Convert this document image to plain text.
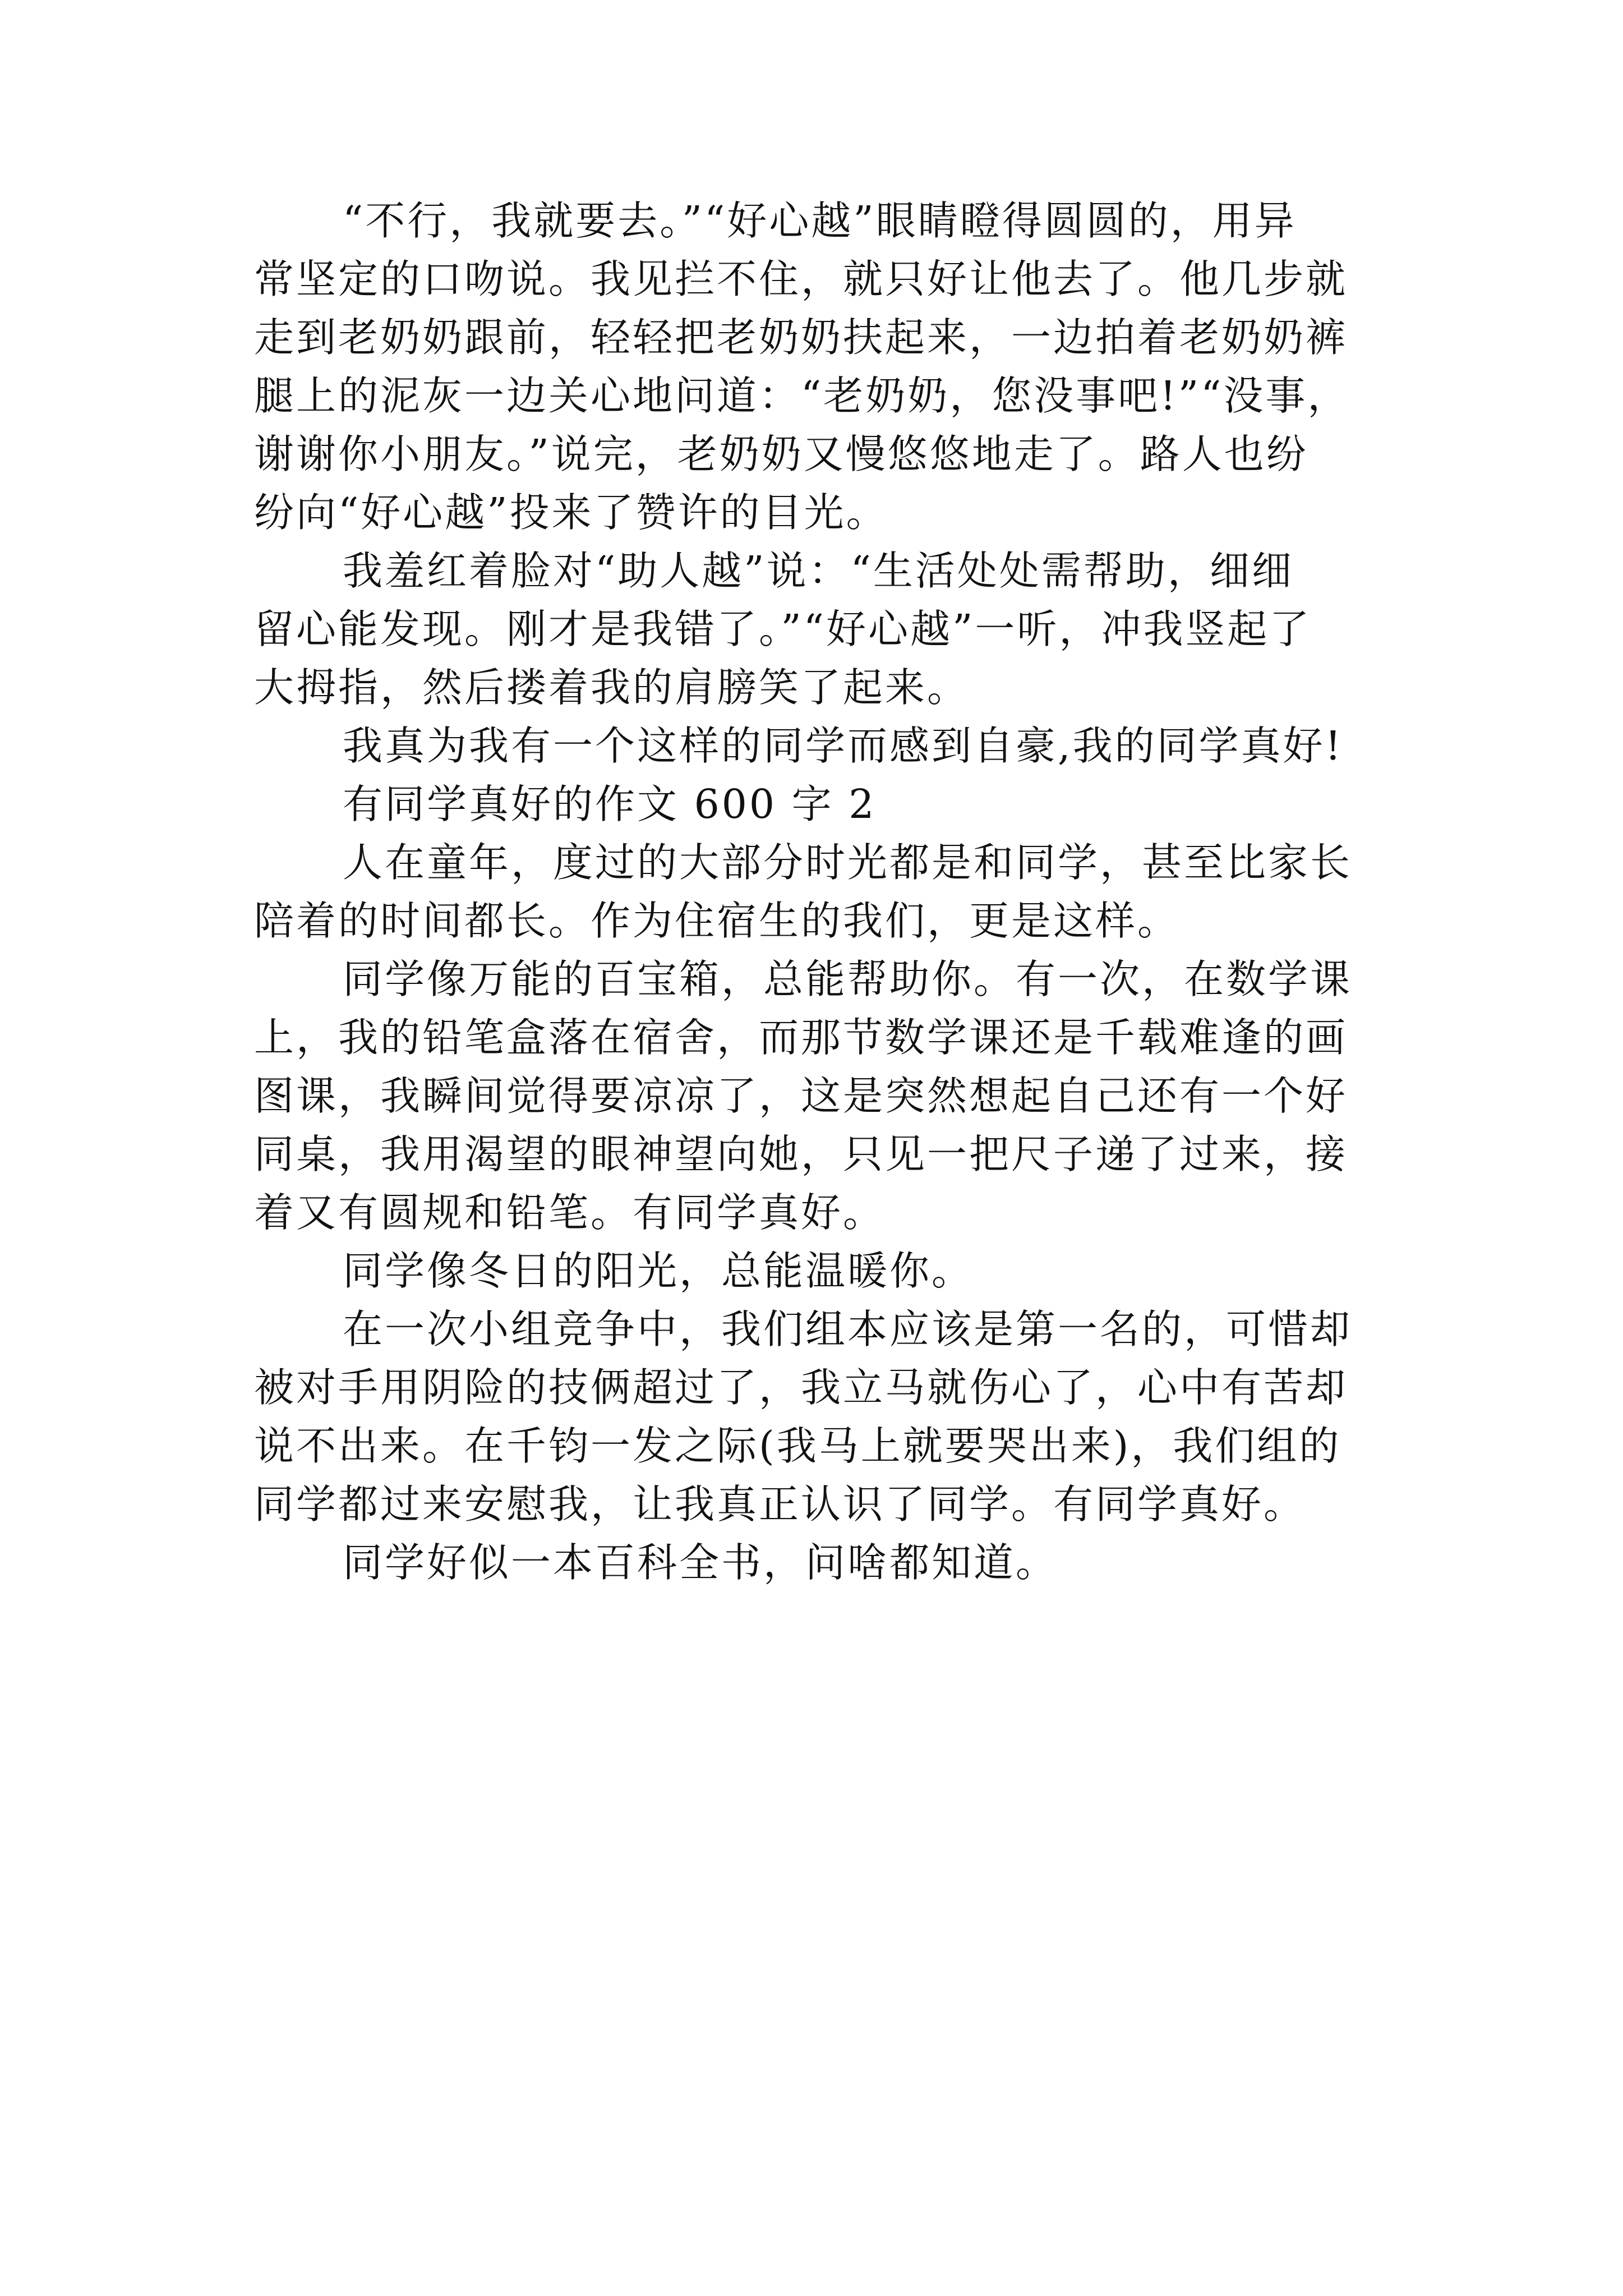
“不行，我就要去。”“好心越”眼睛瞪得圆圆的，用异
常坚定的口吻说。我见拦不住，就只好让他去了。他几步就
走到老奶奶跟前，轻轻把老奶奶扶起来，一边拍着老奶奶裤
腿上的泥灰一边关心地问道：“老奶奶，您没事吧!”“没事，
谢谢你小朋友。”说完，老奶奶又慢悠悠地走了。路人也纷
纷向“好心越”投来了赞许的目光。
我羞红着脸对“助人越”说：“生活处处需帮助，细细
留心能发现。刚才是我错了。”“好心越”一听，冲我竖起了
大拇指，然后搂着我的肩膀笑了起来。
我真为我有一个这样的同学而感到自豪,我的同学真好!
有同学真好的作文 600 字 2
人在童年，度过的大部分时光都是和同学，甚至比家长
陪着的时间都长。作为住宿生的我们，更是这样。
同学像万能的百宝箱，总能帮助你。有一次，在数学课
上，我的铅笔盒落在宿舍，而那节数学课还是千载难逢的画
图课，我瞬间觉得要凉凉了，这是突然想起自己还有一个好
同桌，我用渴望的眼神望向她，只见一把尺子递了过来，接
着又有圆规和铅笔。有同学真好。
同学像冬日的阳光，总能温暖你。
在一次小组竞争中，我们组本应该是第一名的，可惜却
被对手用阴险的技俩超过了，我立马就伤心了，心中有苦却
说不出来。在千钧一发之际(我马上就要哭出来)，我们组的
同学都过来安慰我，让我真正认识了同学。有同学真好。
同学好似一本百科全书，问啥都知道。
